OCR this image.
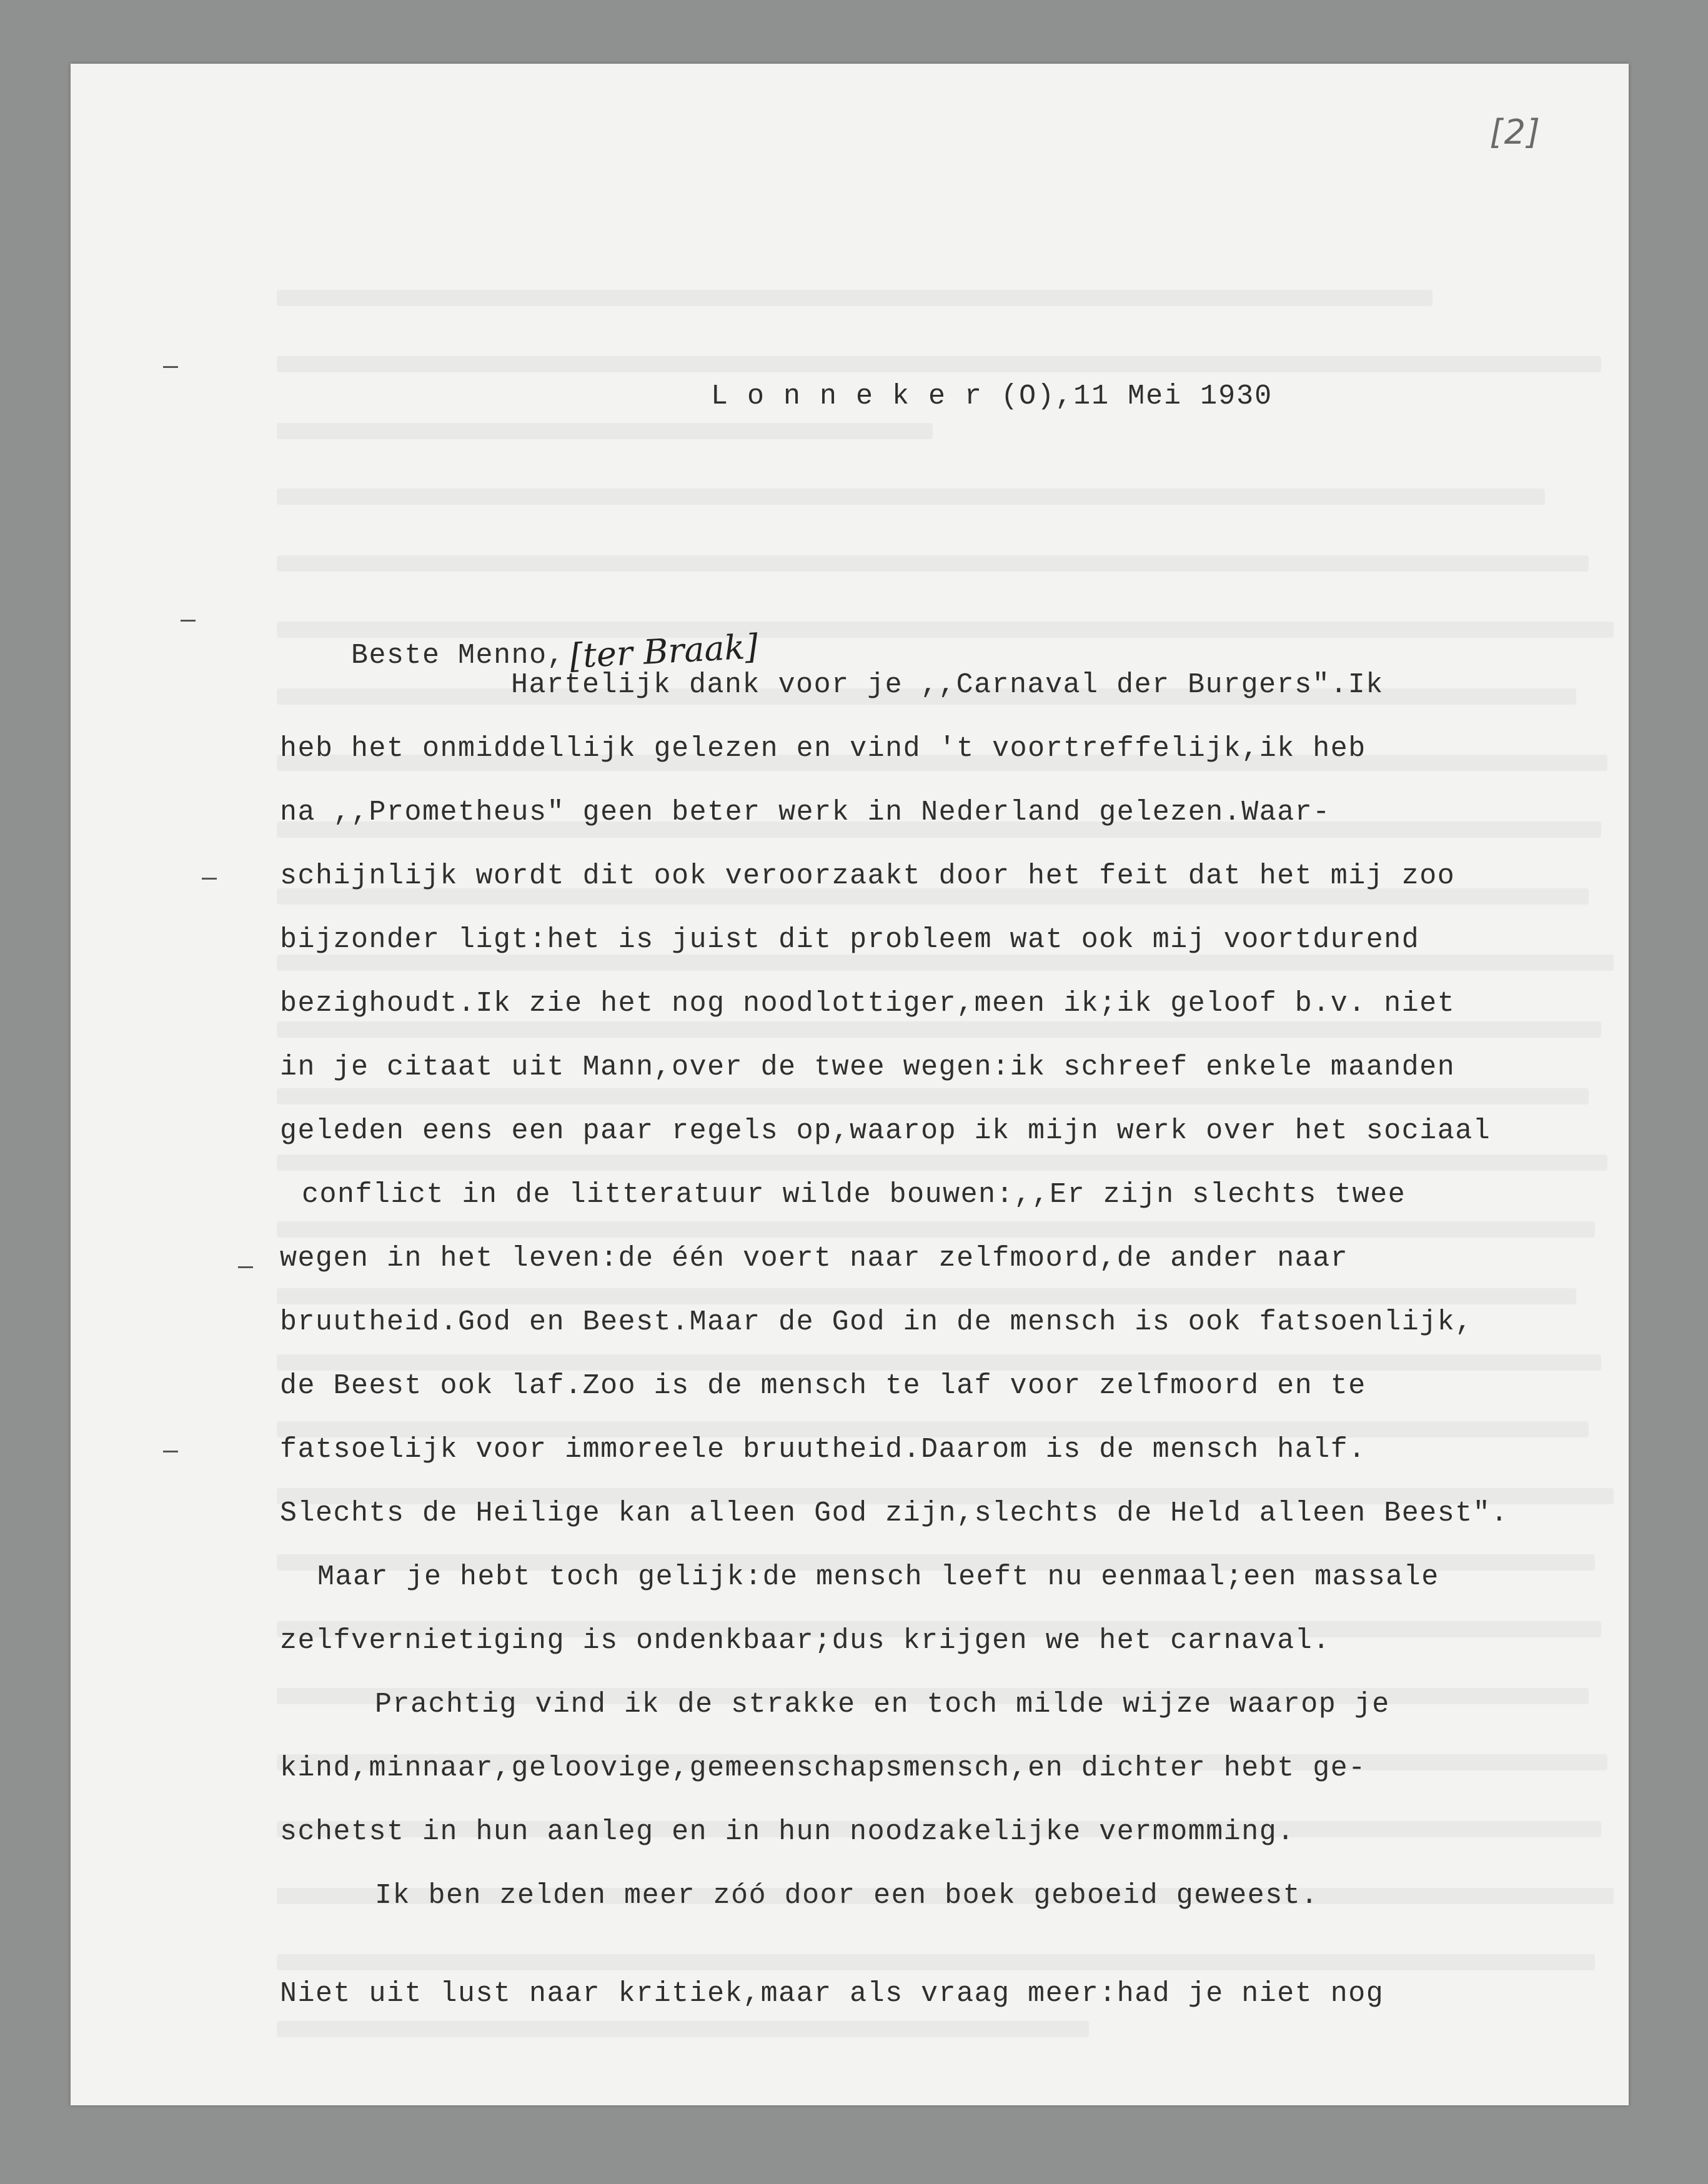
[2]
L o n n e k e r (O),11 Mei 1930

Beste Menno, [ter Braak]

Hartelijk dank voor je ,,Carnaval der Burgers".Ik
heb het onmiddellijk gelezen en vind 't voortreffelijk,ik heb
na ,,Prometheus" geen beter werk in Nederland gelezen.Waar-
schijnlijk wordt dit ook veroorzaakt door het feit dat het mij zoo
bijzonder ligt:het is juist dit probleem wat ook mij voortdurend
bezighoudt.Ik zie het nog noodlottiger,meen ik;ik geloof b.v. niet
in je citaat uit Mann,over de twee wegen:ik schreef enkele maanden
geleden eens een paar regels op,waarop ik mijn werk over het sociaal
conflict in de litteratuur wilde bouwen:,,Er zijn slechts twee
wegen in het leven:de één voert naar zelfmoord,de ander naar
bruutheid.God en Beest.Maar de God in de mensch is ook fatsoenlijk,
de Beest ook laf.Zoo is de mensch te laf voor zelfmoord en te
fatsoelijk voor immoreele bruutheid.Daarom is de mensch half.
Slechts de Heilige kan alleen God zijn,slechts de Held alleen Beest".
Maar je hebt toch gelijk:de mensch leeft nu eenmaal;een massale
zelfvernietiging is ondenkbaar;dus krijgen we het carnaval.
Prachtig vind ik de strakke en toch milde wijze waarop je
kind,minnaar,geloovige,gemeenschapsmensch,en dichter hebt ge-
schetst in hun aanleg en in hun noodzakelijke vermomming.
Ik ben zelden meer zóó door een boek geboeid geweest.
Niet uit lust naar kritiek,maar als vraag meer:had je niet nog
